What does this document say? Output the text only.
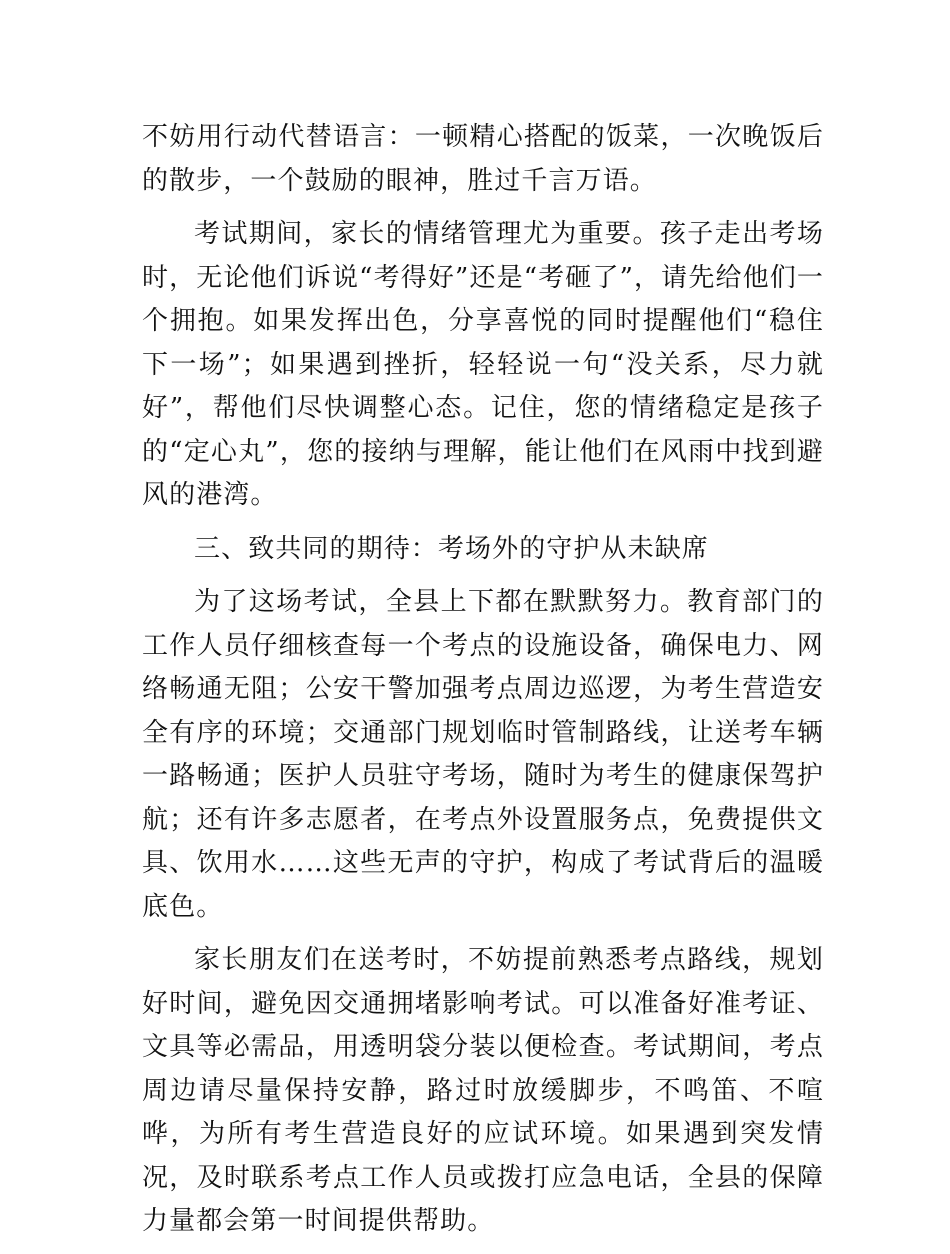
不妨用行动代替语言：一顿精心搭配的饭菜，一次晚饭后的散步，一个鼓励的眼神，胜过千言万语。

考试期间，家长的情绪管理尤为重要。孩子走出考场时，无论他们诉说“考得好”还是“考砸了”，请先给他们一个拥抱。如果发挥出色，分享喜悦的同时提醒他们“稳住下一场”；如果遇到挫折，轻轻说一句“没关系，尽力就好”，帮他们尽快调整心态。记住，您的情绪稳定是孩子的“定心丸”，您的接纳与理解，能让他们在风雨中找到避风的港湾。

三、致共同的期待：考场外的守护从未缺席

为了这场考试，全县上下都在默默努力。教育部门的工作人员仔细核查每一个考点的设施设备，确保电力、网络畅通无阻；公安干警加强考点周边巡逻，为考生营造安全有序的环境；交通部门规划临时管制路线，让送考车辆一路畅通；医护人员驻守考场，随时为考生的健康保驾护航；还有许多志愿者，在考点外设置服务点，免费提供文具、饮用水……这些无声的守护，构成了考试背后的温暖底色。

家长朋友们在送考时，不妨提前熟悉考点路线，规划好时间，避免因交通拥堵影响考试。可以准备好准考证、文具等必需品，用透明袋分装以便检查。考试期间，考点周边请尽量保持安静，路过时放缓脚步，不鸣笛、不喧哗，为所有考生营造良好的应试环境。如果遇到突发情况，及时联系考点工作人员或拨打应急电话，全县的保障力量都会第一时间提供帮助。
